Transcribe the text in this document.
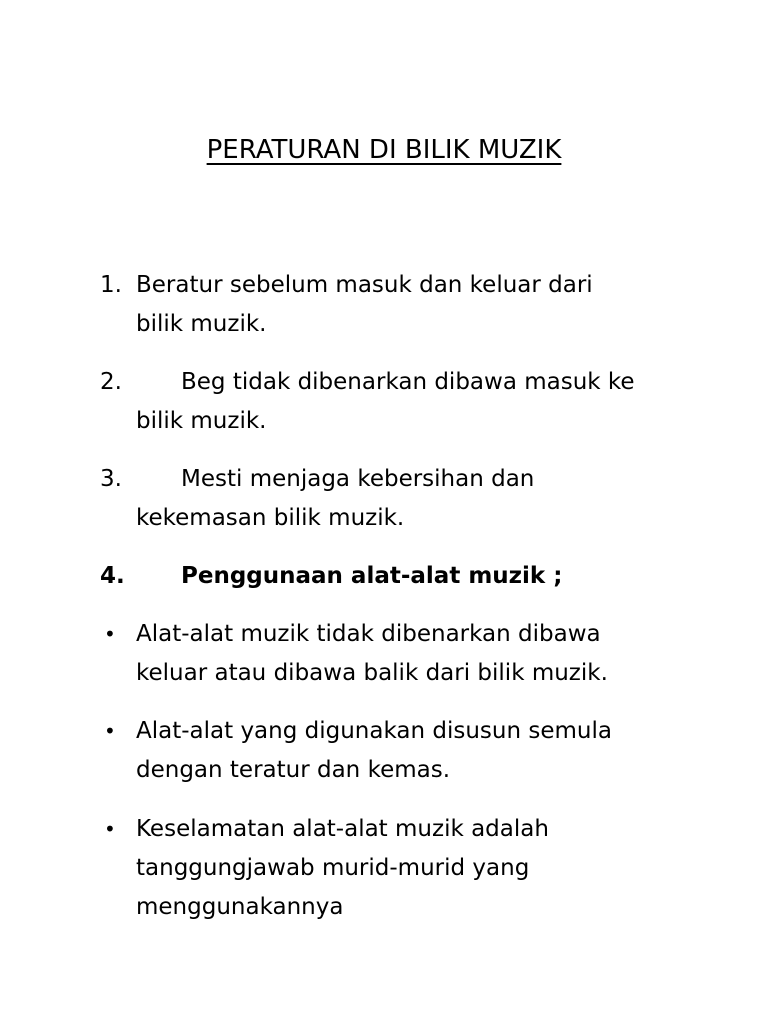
PERATURAN DI BILIK MUZIK
1. Beratur sebelum masuk dan keluar dari
bilik muzik.
2.	Beg tidak dibenarkan dibawa masuk ke
bilik muzik.
3.	Mesti menjaga kebersihan dan
kekemasan bilik muzik.
4. Penggunaan alat-alat muzik ;
• Alat-alat muzik tidak dibenarkan dibawa
keluar atau dibawa balik dari bilik muzik.
• Alat-alat yang digunakan disusun semula
dengan teratur dan kemas.
• Keselamatan alat-alat muzik adalah
tanggungjawab murid-murid yang
menggunakannya
